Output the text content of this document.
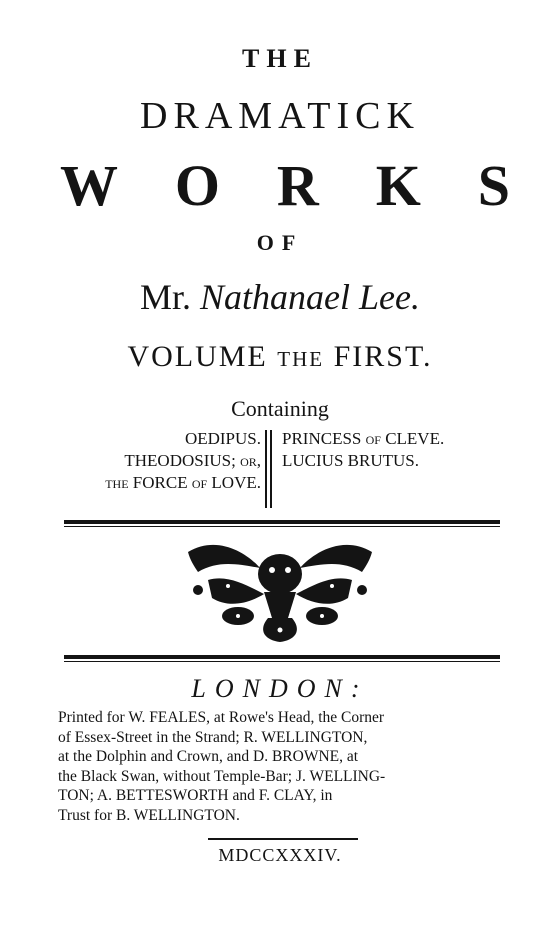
THE
DRAMATICK
W O R K S
OF
Mr. Nathanael Lee.
VOLUME the FIRST.
Containing
OEDIPUS.
THEODOSIUS; or,
the FORCE of LOVE.
PRINCESS of CLEVE.
LUCIUS BRUTUS.
LONDON:
Printed for W. FEALES, at Rowe's Head, the Corner
of Essex-Street in the Strand; R. WELLINGTON,
at the Dolphin and Crown, and D. BROWNE, at
the Black Swan, without Temple-Bar; J. WELLING-
TON; A. BETTESWORTH and F. CLAY, in
Trust for B. WELLINGTON.
MDCCXXXIV.
